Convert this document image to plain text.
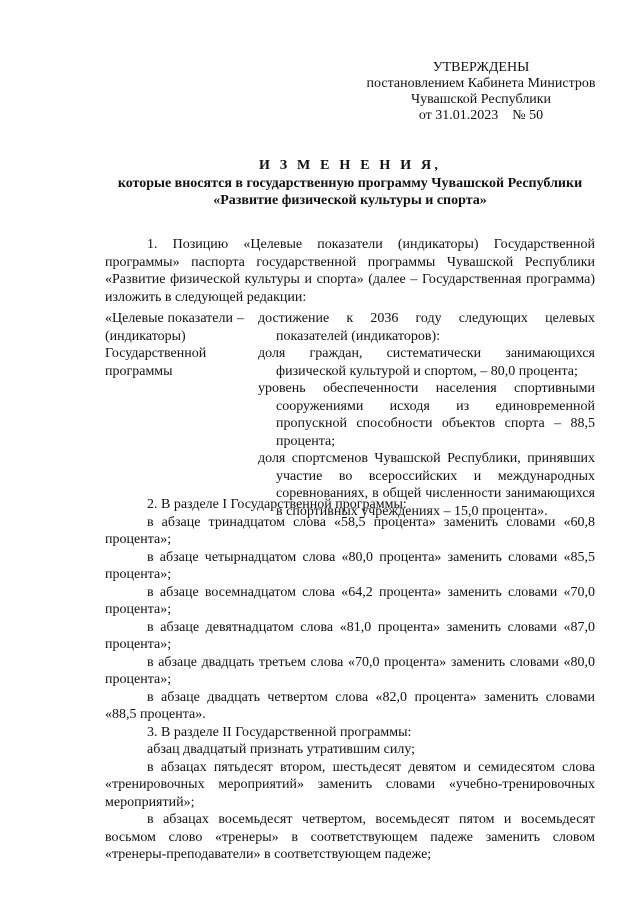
УТВЕРЖДЕНЫ
постановлением Кабинета Министров
Чувашской Республики
от 31.01.2023    № 50
И З М Е Н Е Н И Я,
которые вносятся в государственную программу Чувашской Республики
«Развитие физической культуры и спорта»

1. Позицию «Целевые показатели (индикаторы) Государственной программы» паспорта государственной программы Чувашской Республики «Развитие физической культуры и спорта» (далее – Государственная программа) изложить в следующей редакции:

«Целевые показатели (индикаторы) Государственной программы
–	достижение к 2036 году следующих целевых показателей (индикаторов):

доля граждан, систематически занимающихся физической культурой и спортом, – 80,0 процента;

уровень обеспеченности населения спортивными сооружениями исходя из единовременной пропускной способности объектов спорта – 88,5 процента;

доля спортсменов Чувашской Республики, принявших участие во всероссийских и международных соревнованиях, в общей численности занимающихся в спортивных учреждениях – 15,0 процента».

2. В разделе I Государственной программы:

в абзаце тринадцатом слова «58,5 процента» заменить словами «60,8 процента»;

в абзаце четырнадцатом слова «80,0 процента» заменить словами «85,5 процента»;

в абзаце восемнадцатом слова «64,2 процента» заменить словами «70,0 процента»;

в абзаце девятнадцатом слова «81,0 процента» заменить словами «87,0 процента»;

в абзаце двадцать третьем слова «70,0 процента» заменить словами «80,0 процента»;

в абзаце двадцать четвертом слова «82,0 процента» заменить словами «88,5 процента».

3. В разделе II Государственной программы:

абзац двадцатый признать утратившим силу;

в абзацах пятьдесят втором, шестьдесят девятом и семидесятом слова «тренировочных мероприятий» заменить словами «учебно-тренировочных мероприятий»;

в абзацах восемьдесят четвертом, восемьдесят пятом и восемьдесят восьмом слово «тренеры» в соответствующем падеже заменить словом «тренеры-преподаватели» в соответствующем падеже;
